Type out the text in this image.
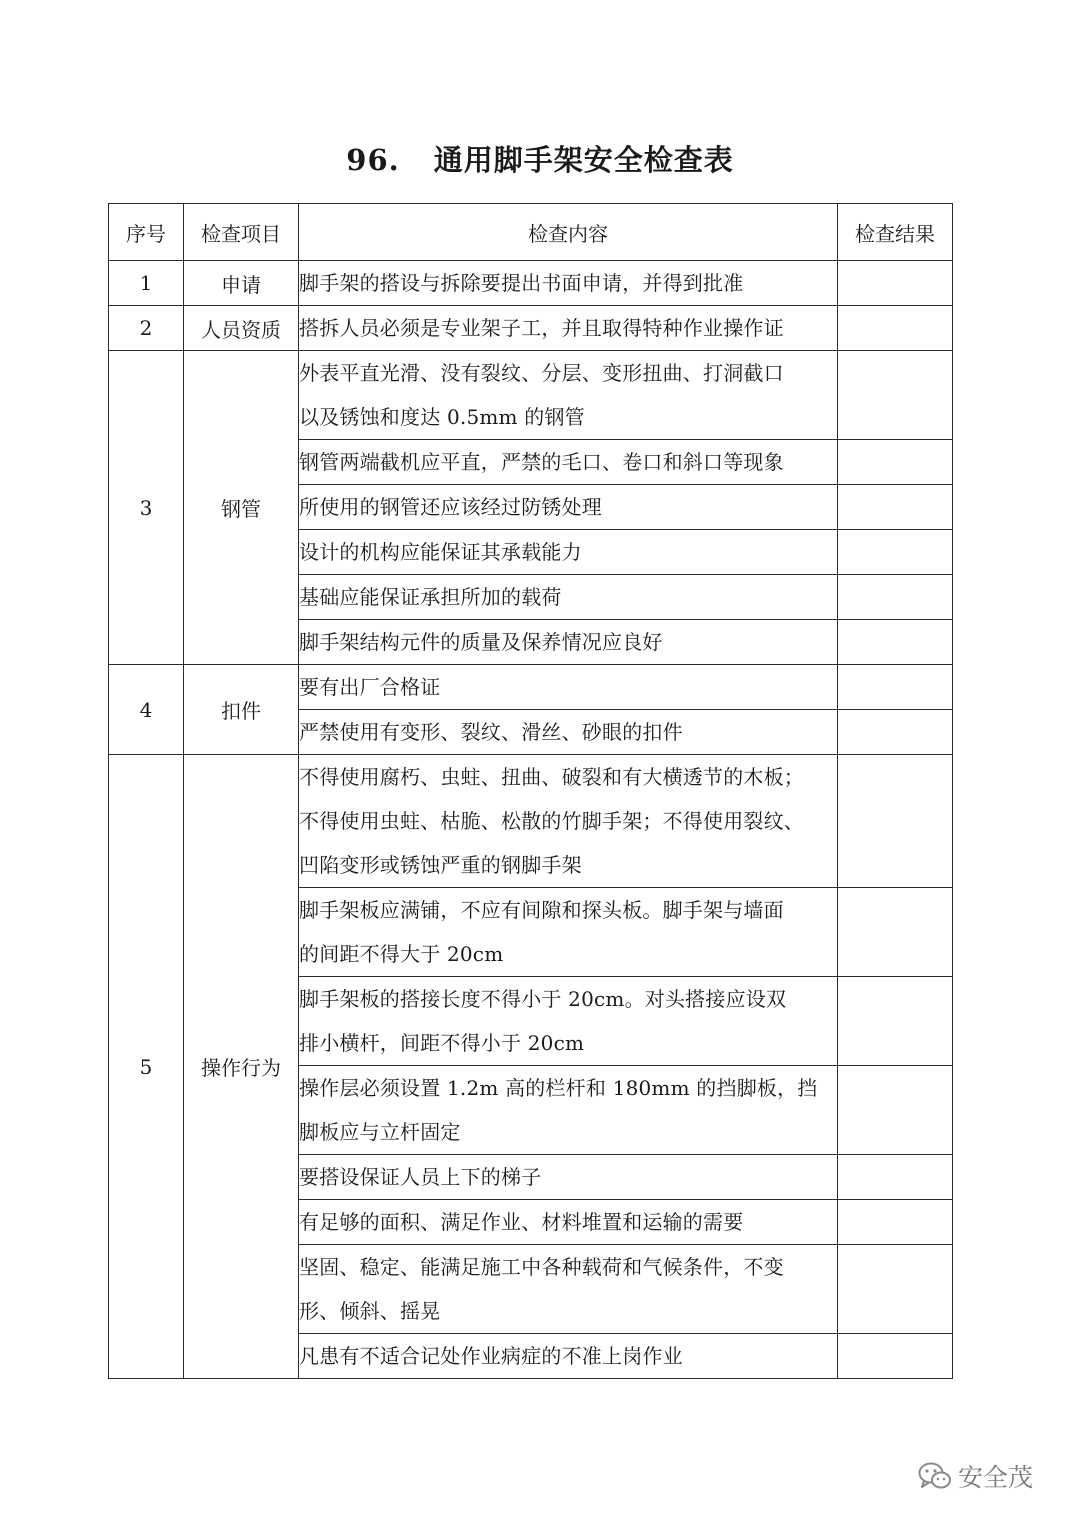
96. 通用脚手架安全检查表
序号	检查项目	检查内容	检查结果
1	申请	脚手架的搭设与拆除要提出书面申请，并得到批准	

2	人员资质	搭拆人员必须是专业架子工，并且取得特种作业操作证	

3	钢管	外表平直光滑、没有裂纹、分层、变形扭曲、打洞截口
以及锈蚀和度达 0.5mm 的钢管	

		钢管两端截机应平直，严禁的毛口、卷口和斜口等现象	

		所使用的钢管还应该经过防锈处理	

		设计的机构应能保证其承载能力	

		基础应能保证承担所加的载荷	

		脚手架结构元件的质量及保养情况应良好	

4	扣件	要有出厂合格证	

		严禁使用有变形、裂纹、滑丝、砂眼的扣件	

5	操作行为	不得使用腐朽、虫蛀、扭曲、破裂和有大横透节的木板；
不得使用虫蛀、枯脆、松散的竹脚手架；不得使用裂纹、
凹陷变形或锈蚀严重的钢脚手架	

		脚手架板应满铺，不应有间隙和探头板。脚手架与墙面
的间距不得大于 20cm	

		脚手架板的搭接长度不得小于 20cm。对头搭接应设双
排小横杆，间距不得小于 20cm	

		操作层必须设置 1.2m 高的栏杆和 180mm 的挡脚板，挡
脚板应与立杆固定	

		要搭设保证人员上下的梯子	

		有足够的面积、满足作业、材料堆置和运输的需要	

		坚固、稳定、能满足施工中各种载荷和气候条件，不变
形、倾斜、摇晃	

		凡患有不适合记处作业病症的不准上岗作业	

安全茂
